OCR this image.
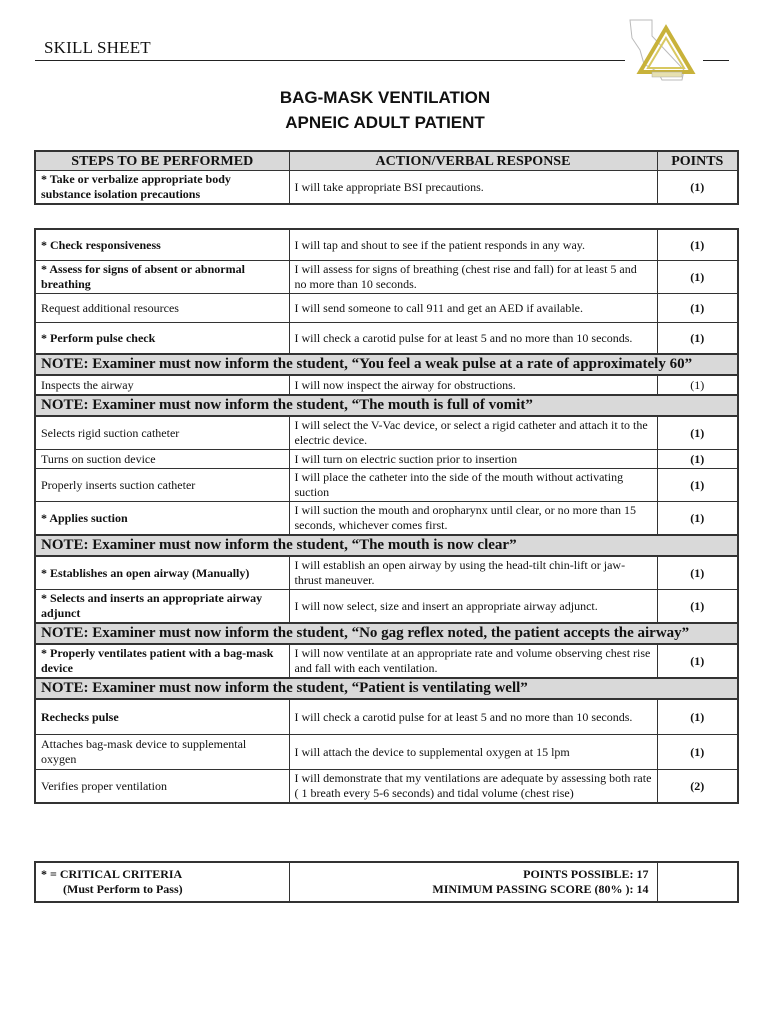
SKILL SHEET
BAG-MASK VENTILATION
APNEIC ADULT PATIENT
STEPS TO BE PERFORMED	ACTION/VERBAL RESPONSE	POINTS
* Take or verbalize appropriate body substance isolation precautions	I will take appropriate BSI precautions.	(1)
* Check responsiveness	I will tap and shout to see if the patient responds in any way.	(1)
* Assess for signs of absent or abnormal breathing	I will assess for signs of breathing (chest rise and fall) for at least 5 and no more than 10 seconds.	(1)
Request additional resources	I will send someone to call 911 and get an AED if available.	(1)
* Perform pulse check	I will check a carotid pulse for at least 5 and no more than 10 seconds.	(1)
NOTE: Examiner must now inform the student, “You feel a weak pulse at a rate of approximately 60”		
Inspects the airway	I will now inspect the airway for obstructions.	(1)
NOTE: Examiner must now inform the student, “The mouth is full of vomit”		
Selects rigid suction catheter	I will select the V-Vac device, or select a rigid catheter and attach it to the electric device.	(1)
Turns on suction device	I will turn on electric suction prior to insertion	(1)
Properly inserts suction catheter	I will place the catheter into the side of the mouth without activating suction	(1)
* Applies suction	I will suction the mouth and oropharynx until clear, or no more than 15 seconds, whichever comes first.	(1)
NOTE: Examiner must now inform the student, “The mouth is now clear”		
* Establishes an open airway (Manually)	I will establish an open airway by using the head-tilt chin-lift or jaw-thrust maneuver.	(1)
* Selects and inserts an appropriate airway adjunct	I will now select, size and insert an appropriate airway adjunct.	(1)
NOTE: Examiner must now inform the student, “No gag reflex noted, the patient accepts the airway”		
* Properly ventilates patient with a bag-mask device	I will now ventilate at an appropriate rate and volume observing chest rise and fall with each ventilation.	(1)
NOTE: Examiner must now inform the student, “Patient is ventilating well”		
Rechecks pulse	I will check a carotid pulse for at least 5 and no more than 10 seconds.	(1)
Attaches bag-mask device to supplemental oxygen	I will attach the device to supplemental oxygen at 15 lpm	(1)
Verifies proper ventilation	I will demonstrate that my ventilations are adequate by assessing both rate ( 1 breath every 5-6 seconds) and tidal volume (chest rise)	(2)
* = CRITICAL CRITERIA
(Must Perform to Pass)

POINTS POSSIBLE: 17
MINIMUM PASSING SCORE (80% ): 14
